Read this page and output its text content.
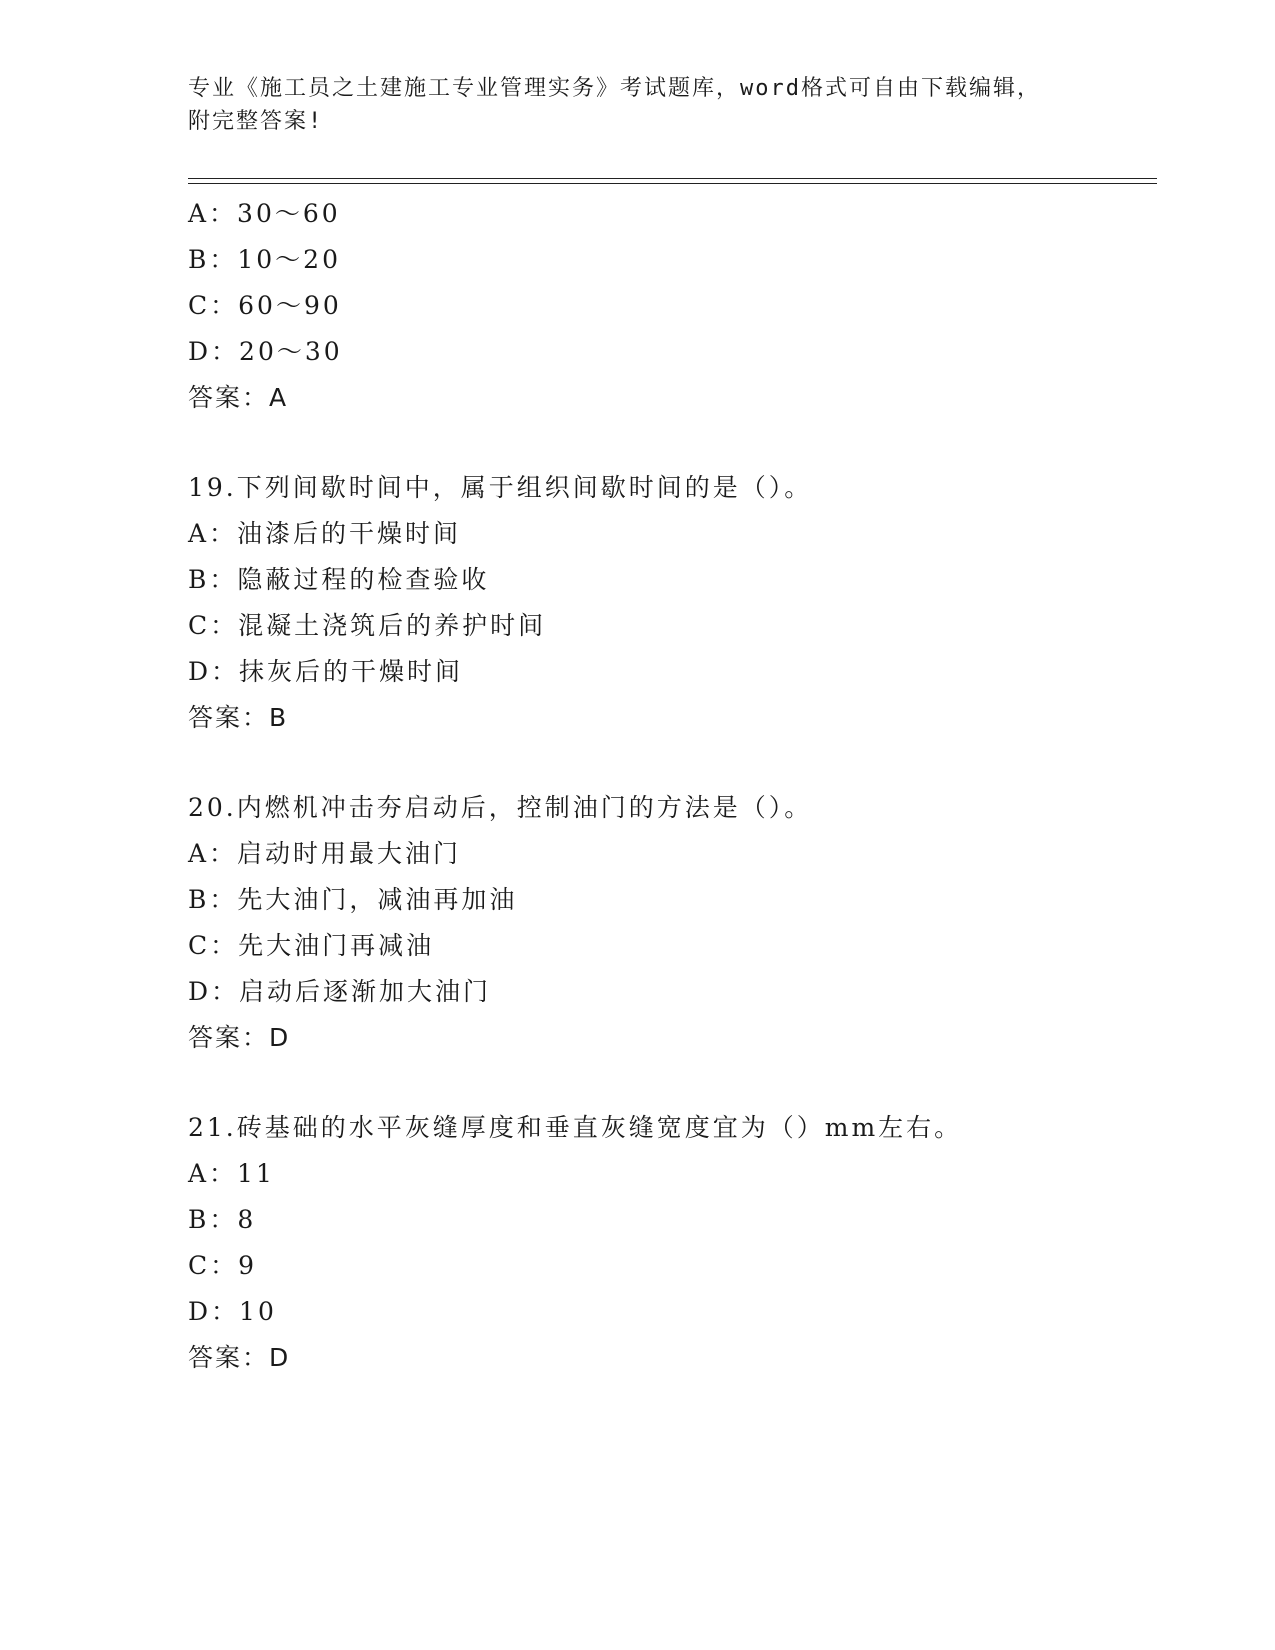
专业《施工员之土建施工专业管理实务》考试题库，word格式可自由下载编辑，
附完整答案!
A：30～60
B：10～20
C：60～90
D：20～30
答案：A
19.下列间歇时间中，属于组织间歇时间的是（）。
A：油漆后的干燥时间
B：隐蔽过程的检查验收
C：混凝土浇筑后的养护时间
D：抹灰后的干燥时间
答案：B
20.内燃机冲击夯启动后，控制油门的方法是（）。
A：启动时用最大油门
B：先大油门，减油再加油
C：先大油门再减油
D：启动后逐渐加大油门
答案：D
21.砖基础的水平灰缝厚度和垂直灰缝宽度宜为（）mm左右。
A：11
B：8
C：9
D：10
答案：D
